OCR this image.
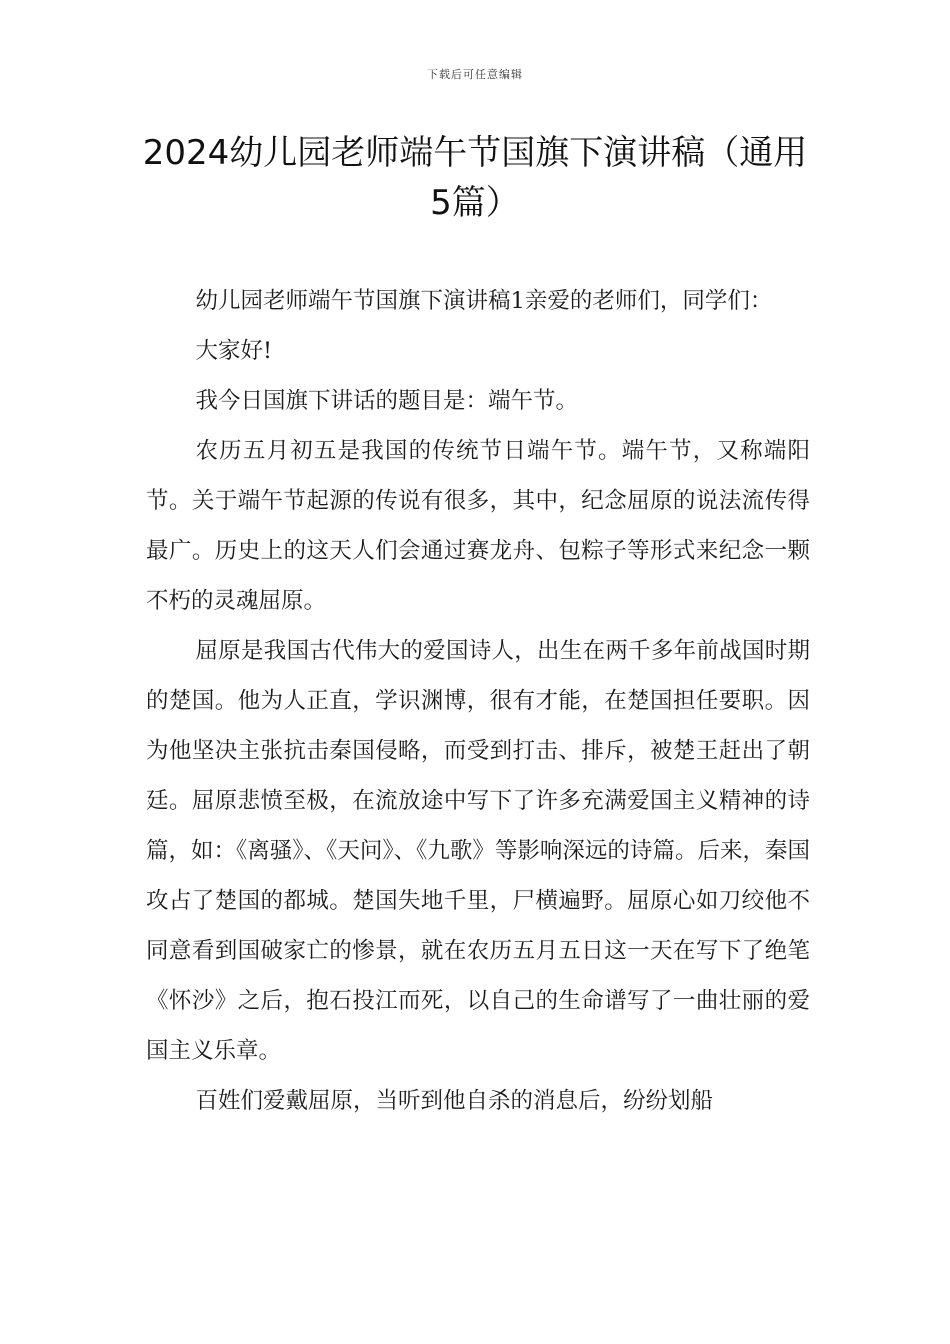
下载后可任意编辑
2024幼儿园老师端午节国旗下演讲稿（通用5篇）

幼儿园老师端午节国旗下演讲稿1亲爱的老师们，同学们：

大家好!

我今日国旗下讲话的题目是：端午节。

农历五月初五是我国的传统节日端午节。端午节，又称端阳节。关于端午节起源的传说有很多，其中，纪念屈原的说法流传得最广。历史上的这天人们会通过赛龙舟、包粽子等形式来纪念一颗不朽的灵魂屈原。

屈原是我国古代伟大的爱国诗人，出生在两千多年前战国时期的楚国。他为人正直，学识渊博，很有才能，在楚国担任要职。因为他坚决主张抗击秦国侵略，而受到打击、排斥，被楚王赶出了朝廷。屈原悲愤至极，在流放途中写下了许多充满爱国主义精神的诗篇，如：《离骚》、《天问》、《九歌》等影响深远的诗篇。后来，秦国攻占了楚国的都城。楚国失地千里，尸横遍野。屈原心如刀绞他不同意看到国破家亡的惨景，就在农历五月五日这一天在写下了绝笔《怀沙》之后，抱石投江而死，以自己的生命谱写了一曲壮丽的爱国主义乐章。

百姓们爱戴屈原，当听到他自杀的消息后，纷纷划船
